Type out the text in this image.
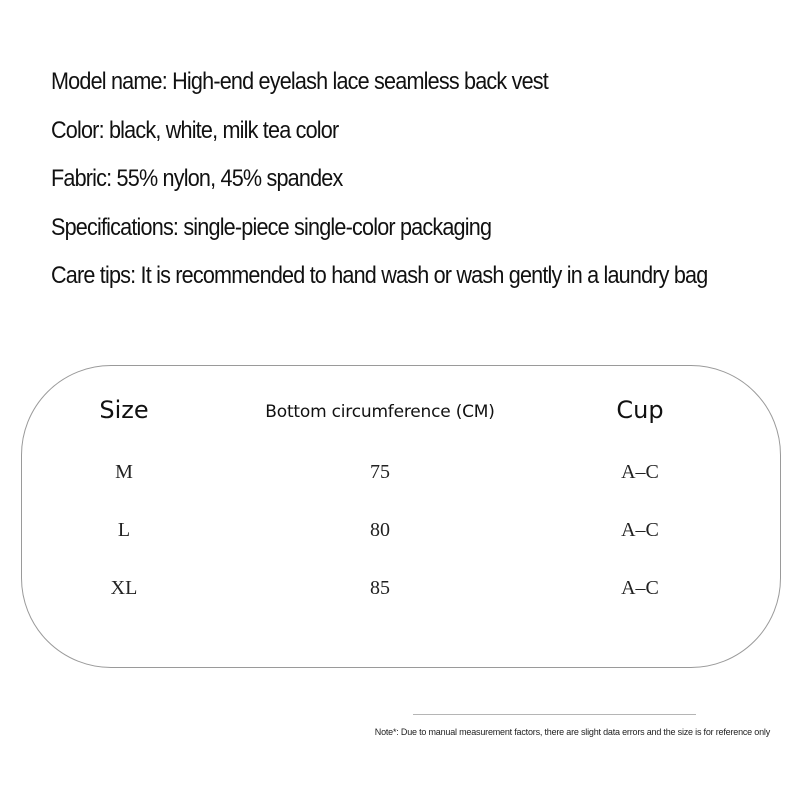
Model name: High-end eyelash lace seamless back vest
Color: black, white, milk tea color
Fabric: 55% nylon, 45% spandex
Specifications: single-piece single-color packaging
Care tips: It is recommended to hand wash or wash gently in a laundry bag
Size	Bottom circumference (CM)	Cup
M	75	A–C
L	80	A–C
XL	85	A–C
Note*: Due to manual measurement factors, there are slight data errors and the size is for reference only
